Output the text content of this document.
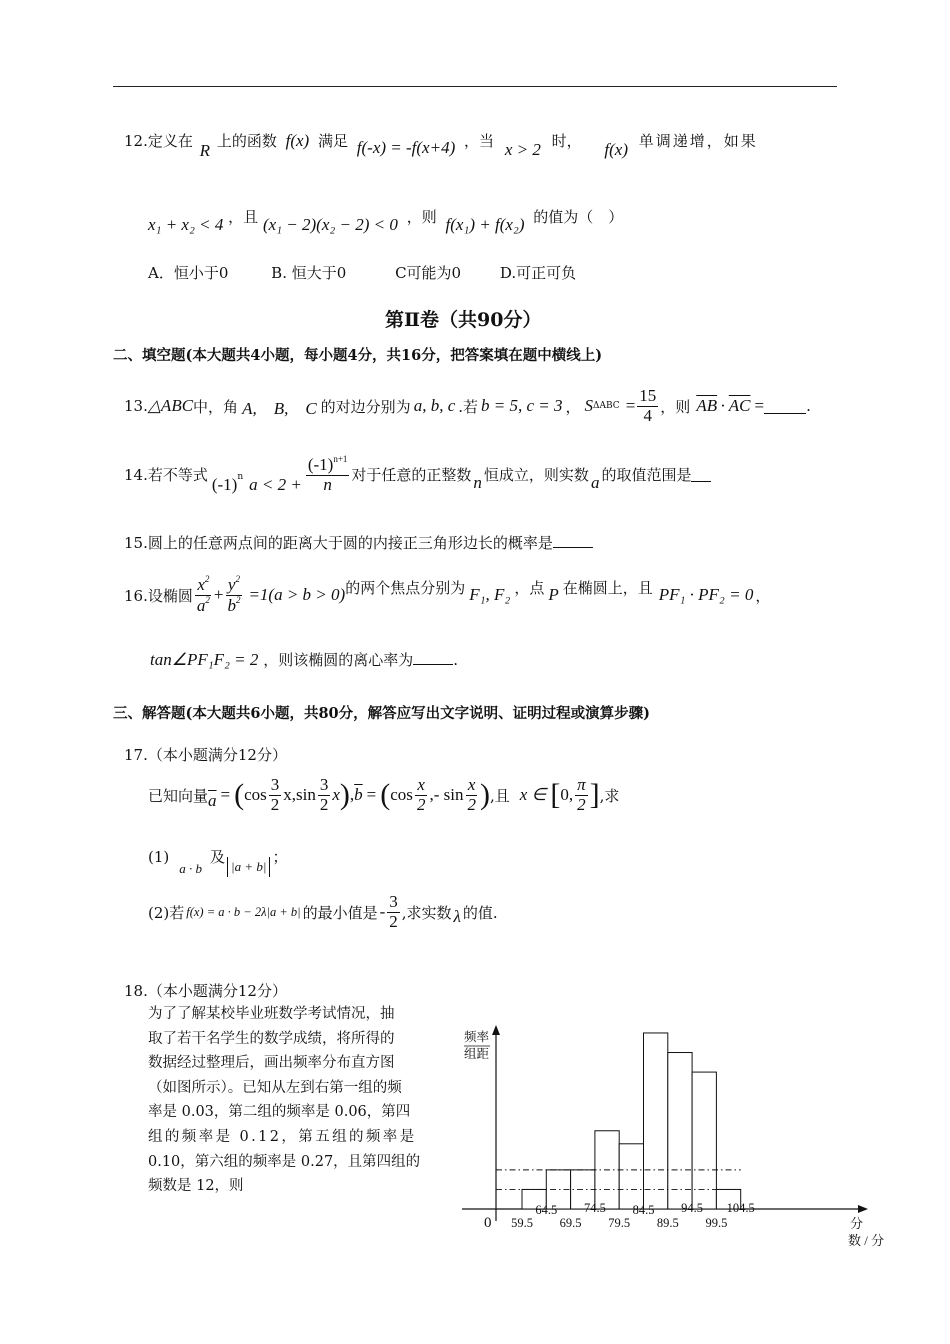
12.定义在 R 上的函数 f(x) 满足 f(-x) = -f(x+4) ，当 x > 2 时， f(x) 单调递增，如果
x₁ + x₂ < 4 ，且 (x₁ − 2)(x₂ − 2) < 0 ，则 f(x₁) + f(x₂) 的值为（　）
A．恒小于0	B. 恒大于0	C可能为0	D.可正可负
第Ⅱ卷（共90分）
二、填空题(本大题共4小题，每小题4分，共16分，把答案填在题中横线上)
13. △ABC 中，角 A,　B,　C 的对边分别为 a, b, c .若 b = 5, c = 3 ， S $\Delta ABC = \frac{15}{4}$ ，则 $\overline{AB} \cdot \overline{AC}$ =	.
14.若不等式 (-1) n $a < 2 + \frac{(-1)^{n+1}}{n}$ 对于任意的正整数 n 恒成立，则实数 a 的取值范围是
15.圆上的任意两点间的距离大于圆的内接正三角形边长的概率是
16.设椭圆 $\frac{x^2}{a^2} + \frac{y^2}{b^2} =1(a > b > 0)$ 的两个焦点分别为 F₁, F₂ ，点 P 在椭圆上，且 PF₁ · PF₂ = 0 ，
tan∠PF₁F₂ = 2 ，则该椭圆的离心率为	.
三、解答题(本大题共6小题，共80分，解答应写出文字说明、证明过程或演算步骤)
17.（本小题满分12分）
已知向量 $\overline{a}$ = ( $\cos \frac{3}{2} x,\sin \frac{3}{2}$ x ) , $\overline{b}$ = ( $\cos \frac{x}{2}$ ,- $\sin \frac{x}{2}$ ) ,且 x ∈ [ 0, $\frac{\pi}{2}$ ] ,求
(1)
a · b
及 |a + b| ；
(2)若 f(x) = a · b − 2λ|a + b| 的最小值是 - $\frac{3}{2}$ ,求实数 λ 的值.
18.（本小题满分12分）
为了了解某校毕业班数学考试情况，抽
取了若干名学生的数学成绩，将所得的
数据经过整理后，画出频率分布直方图
（如图所示）。已知从左到右第一组的频
率是 0.03，第二组的频率是 0.06，第四
组的频率是 0.12，第五组的频率是
0.10，第六组的频率是 0.27，且第四组的
频数是 12，则
59.5 69.5 79.5 89.5 99.5
64.5 74.5 84.5 94.5 104.5
0
频率
组距
分
数 / 分
